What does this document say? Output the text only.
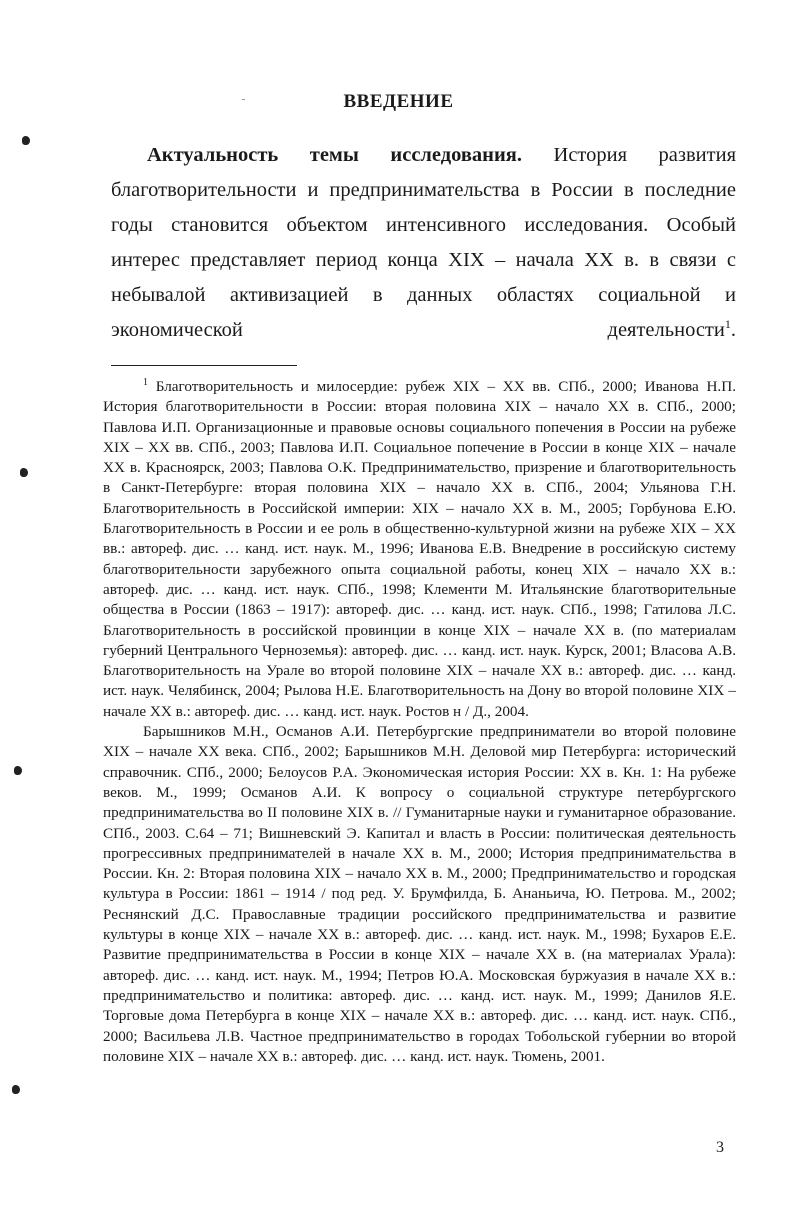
ВВЕДЕНИЕ
Актуальность темы исследования. История развития благотворительности и предпринимательства в России в последние годы становится объектом интенсивного исследования. Особый интерес представляет период конца XIX – начала XX в. в связи с небывалой активизацией в данных областях социальной и экономической деятельности$^1$.

$^1$ Благотворительность и милосердие: рубеж XIX – XX вв. СПб., 2000; Иванова Н.П. История благотворительности в России: вторая половина XIX – начало XX в. СПб., 2000; Павлова И.П. Организационные и правовые основы социального попечения в России на рубеже XIX – XX вв. СПб., 2003; Павлова И.П. Социальное попечение в России в конце XIX – начале XX в. Красноярск, 2003; Павлова О.К. Предпринимательство, призрение и благотворительность в Санкт-Петербурге: вторая половина XIX – начало XX в. СПб., 2004; Ульянова Г.Н. Благотворительность в Российской империи: XIX – начало XX в. М., 2005; Горбунова Е.Ю. Благотворительность в России и ее роль в общественно-культурной жизни на рубеже XIX – XX вв.: автореф. дис. … канд. ист. наук. М., 1996; Иванова Е.В. Внедрение в российскую систему благотворительности зарубежного опыта социальной работы, конец XIX – начало XX в.: автореф. дис. … канд. ист. наук. СПб., 1998; Клементи М. Итальянские благотворительные общества в России (1863 – 1917): автореф. дис. … канд. ист. наук. СПб., 1998; Гатилова Л.С. Благотворительность в российской провинции в конце XIX – начале XX в. (по материалам губерний Центрального Черноземья): автореф. дис. … канд. ист. наук. Курск, 2001; Власова А.В. Благотворительность на Урале во второй половине XIX – начале XX в.: автореф. дис. … канд. ист. наук. Челябинск, 2004; Рылова Н.Е. Благотворительность на Дону во второй половине XIX – начале XX в.: автореф. дис. … канд. ист. наук. Ростов н / Д., 2004.

Барышников М.Н., Османов А.И. Петербургские предприниматели во второй половине XIX – начале XX века. СПб., 2002; Барышников М.Н. Деловой мир Петербурга: исторический справочник. СПб., 2000; Белоусов Р.А. Экономическая история России: XX в. Кн. 1: На рубеже веков. М., 1999; Османов А.И. К вопросу о социальной структуре петербургского предпринимательства во II половине XIX в. // Гуманитарные науки и гуманитарное образование. СПб., 2003. С.64 – 71; Вишневский Э. Капитал и власть в России: политическая деятельность прогрессивных предпринимателей в начале XX в. М., 2000; История предпринимательства в России. Кн. 2: Вторая половина XIX – начало XX в. М., 2000; Предпринимательство и городская культура в России: 1861 – 1914 / под ред. У. Брумфилда, Б. Ананьича, Ю. Петрова. М., 2002; Реснянский Д.С. Православные традиции российского предпринимательства и развитие культуры в конце XIX – начале XX в.: автореф. дис. … канд. ист. наук. М., 1998; Бухаров Е.Е. Развитие предпринимательства в России в конце XIX – начале XX в. (на материалах Урала): автореф. дис. … канд. ист. наук. М., 1994; Петров Ю.А. Московская буржуазия в начале XX в.: предпринимательство и политика: автореф. дис. … канд. ист. наук. М., 1999; Данилов Я.Е. Торговые дома Петербурга в конце XIX – начале XX в.: автореф. дис. … канд. ист. наук. СПб., 2000; Васильева Л.В. Частное предпринимательство в городах Тобольской губернии во второй половине XIX – начале XX в.: автореф. дис. … канд. ист. наук. Тюмень, 2001.

3
